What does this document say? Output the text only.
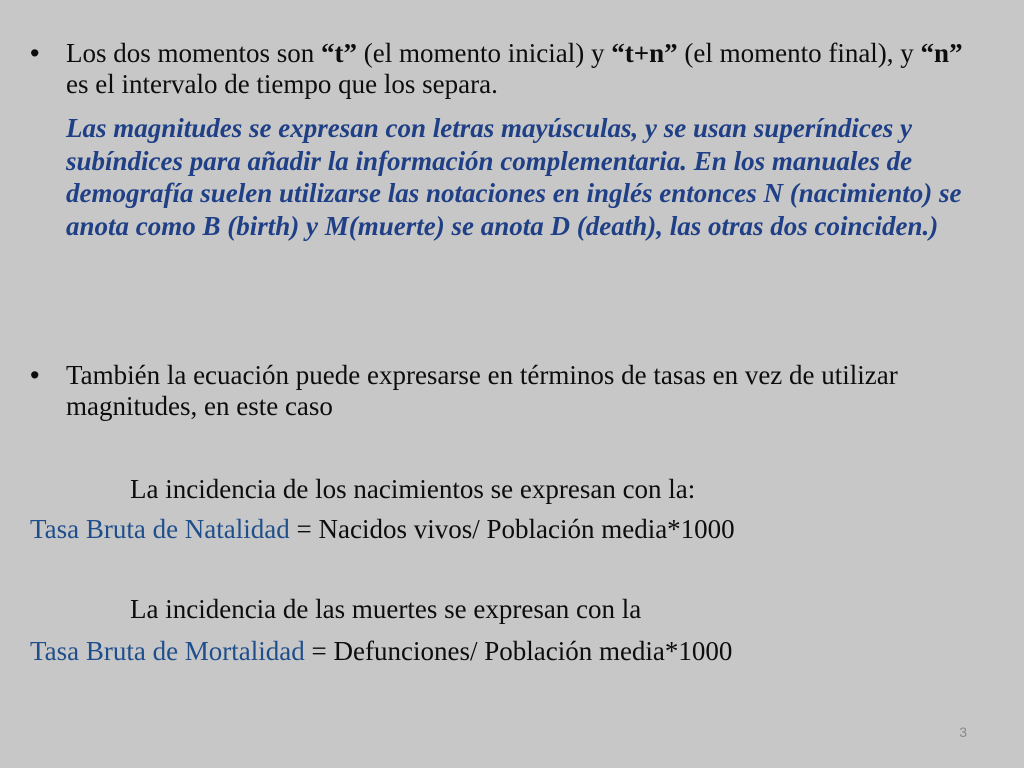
• Los dos momentos son “t” (el momento inicial) y “t+n” (el momento final), y “n” es el intervalo de tiempo que los separa.
Las magnitudes se expresan con letras mayúsculas, y se usan superíndices y subíndices para añadir la información complementaria. En los manuales de demografía suelen utilizarse las notaciones en inglés entonces N (nacimiento) se anota como B (birth) y M(muerte) se anota D (death), las otras dos coinciden.)
• También la ecuación puede expresarse en términos de tasas en vez de utilizar magnitudes, en este caso
La incidencia de los nacimientos se expresan con la:
Tasa Bruta de Natalidad = Nacidos vivos/ Población media*1000
La incidencia de las muertes se expresan con la
Tasa Bruta de Mortalidad = Defunciones/ Población media*1000
3
